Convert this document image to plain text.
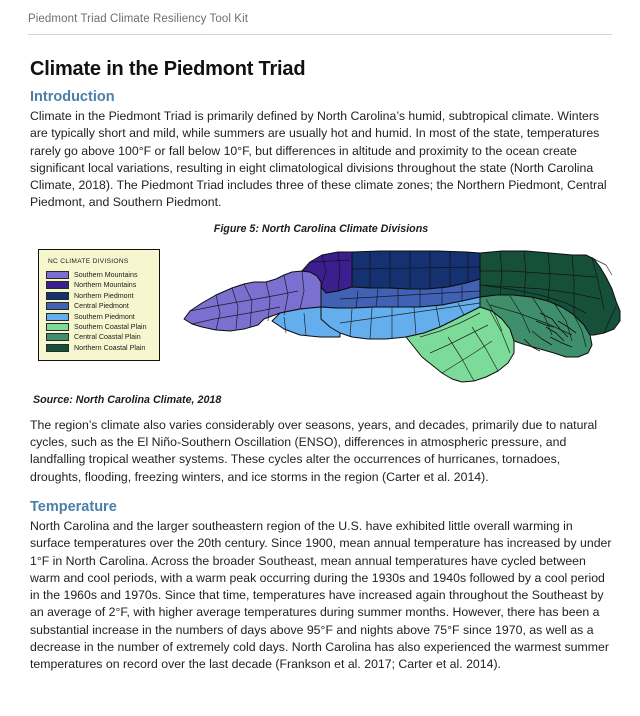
Piedmont Triad Climate Resiliency Tool Kit
Climate in the Piedmont Triad
Introduction

Climate in the Piedmont Triad is primarily defined by North Carolina’s humid, subtropical climate. Winters are typically short and mild, while summers are usually hot and humid. In most of the state, temperatures rarely go above 100°F or fall below 10°F, but differences in altitude and proximity to the ocean create significant local variations, resulting in eight climatological divisions throughout the state (North Carolina Climate, 2018). The Piedmont Triad includes three of these climate zones; the Northern Piedmont, Central Piedmont, and Southern Piedmont.

Figure 5: North Carolina Climate Divisions
NC CLIMATE DIVISIONS
Southern Mountains
Northern Mountains
Northern Piedmont
Central Piedmont
Southern Piedmont
Southern Coastal Plain
Central Coastal Plain
Northern Coastal Plain
Source: North Carolina Climate, 2018

The region’s climate also varies considerably over seasons, years, and decades, primarily due to natural cycles, such as the El Niño-Southern Oscillation (ENSO), differences in atmospheric pressure, and landfalling tropical weather systems. These cycles alter the occurrences of hurricanes, tornadoes, droughts, flooding, freezing winters, and ice storms in the region (Carter et al. 2014).

Temperature

North Carolina and the larger southeastern region of the U.S. have exhibited little overall warming in surface temperatures over the 20th century. Since 1900, mean annual temperature has increased by under 1°F in North Carolina. Across the broader Southeast, mean annual temperatures have cycled between warm and cool periods, with a warm peak occurring during the 1930s and 1940s followed by a cool period in the 1960s and 1970s. Since that time, temperatures have increased again throughout the Southeast by an average of 2°F, with higher average temperatures during summer months. However, there has been a substantial increase in the numbers of days above 95°F and nights above 75°F since 1970, as well as a decrease in the number of extremely cold days. North Carolina has also experienced the warmest summer temperatures on record over the last decade (Frankson et al. 2017; Carter et al. 2014).
